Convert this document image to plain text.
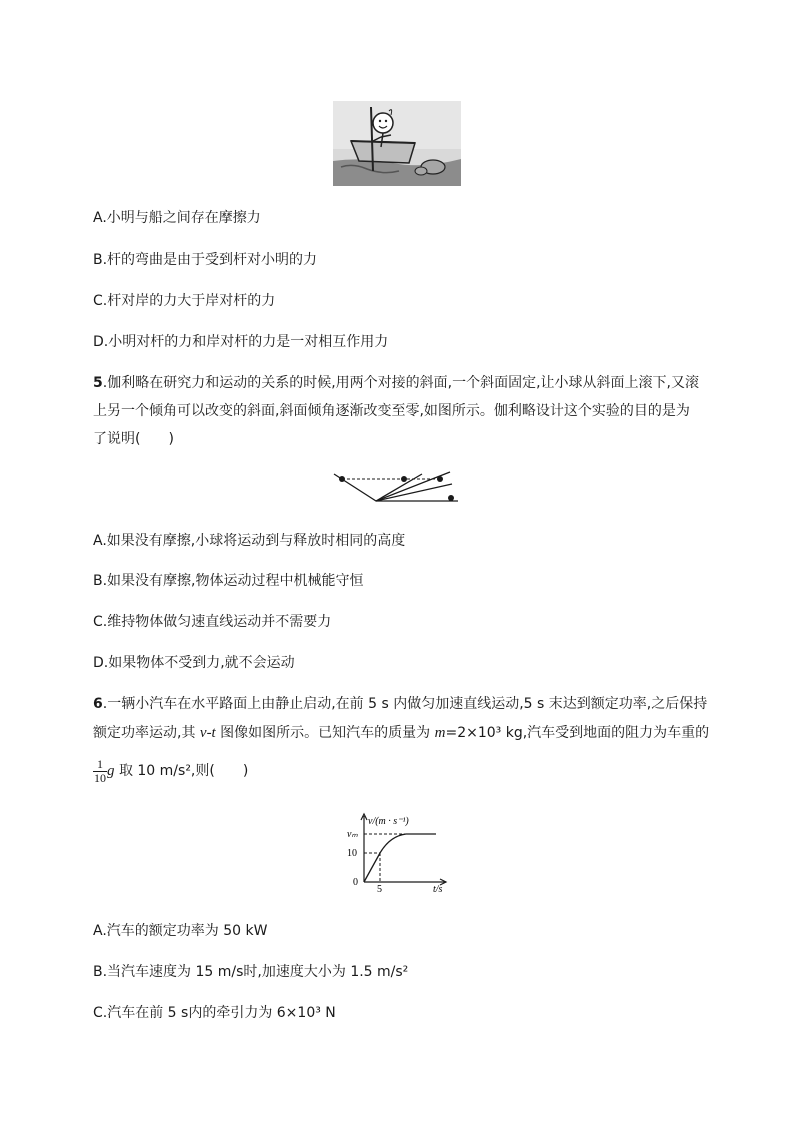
A.小明与船之间存在摩擦力
B.杆的弯曲是由于受到杆对小明的力
C.杆对岸的力大于岸对杆的力
D.小明对杆的力和岸对杆的力是一对相互作用力
5.伽利略在研究力和运动的关系的时候,用两个对接的斜面,一个斜面固定,让小球从斜面上滚下,又滚
上另一个倾角可以改变的斜面,斜面倾角逐渐改变至零,如图所示。伽利略设计这个实验的目的是为
了说明(　　)
A.如果没有摩擦,小球将运动到与释放时相同的高度
B.如果没有摩擦,物体运动过程中机械能守恒
C.维持物体做匀速直线运动并不需要力
D.如果物体不受到力,就不会运动
6.一辆小汽车在水平路面上由静止启动,在前 5 s 内做匀加速直线运动,5 s 末达到额定功率,之后保持
额定功率运动,其 v-t 图像如图所示。已知汽车的质量为 m=2×10³ kg,汽车受到地面的阻力为车重的
$\frac{1}{10}$ g 取 10 m/s²,则(　　)
v/(m · s⁻¹)
vₘ
10
0
5	t/s
A.汽车的额定功率为 50 kW
B.当汽车速度为 15 m/s时,加速度大小为 1.5 m/s²
C.汽车在前 5 s内的牵引力为 6×10³ N
